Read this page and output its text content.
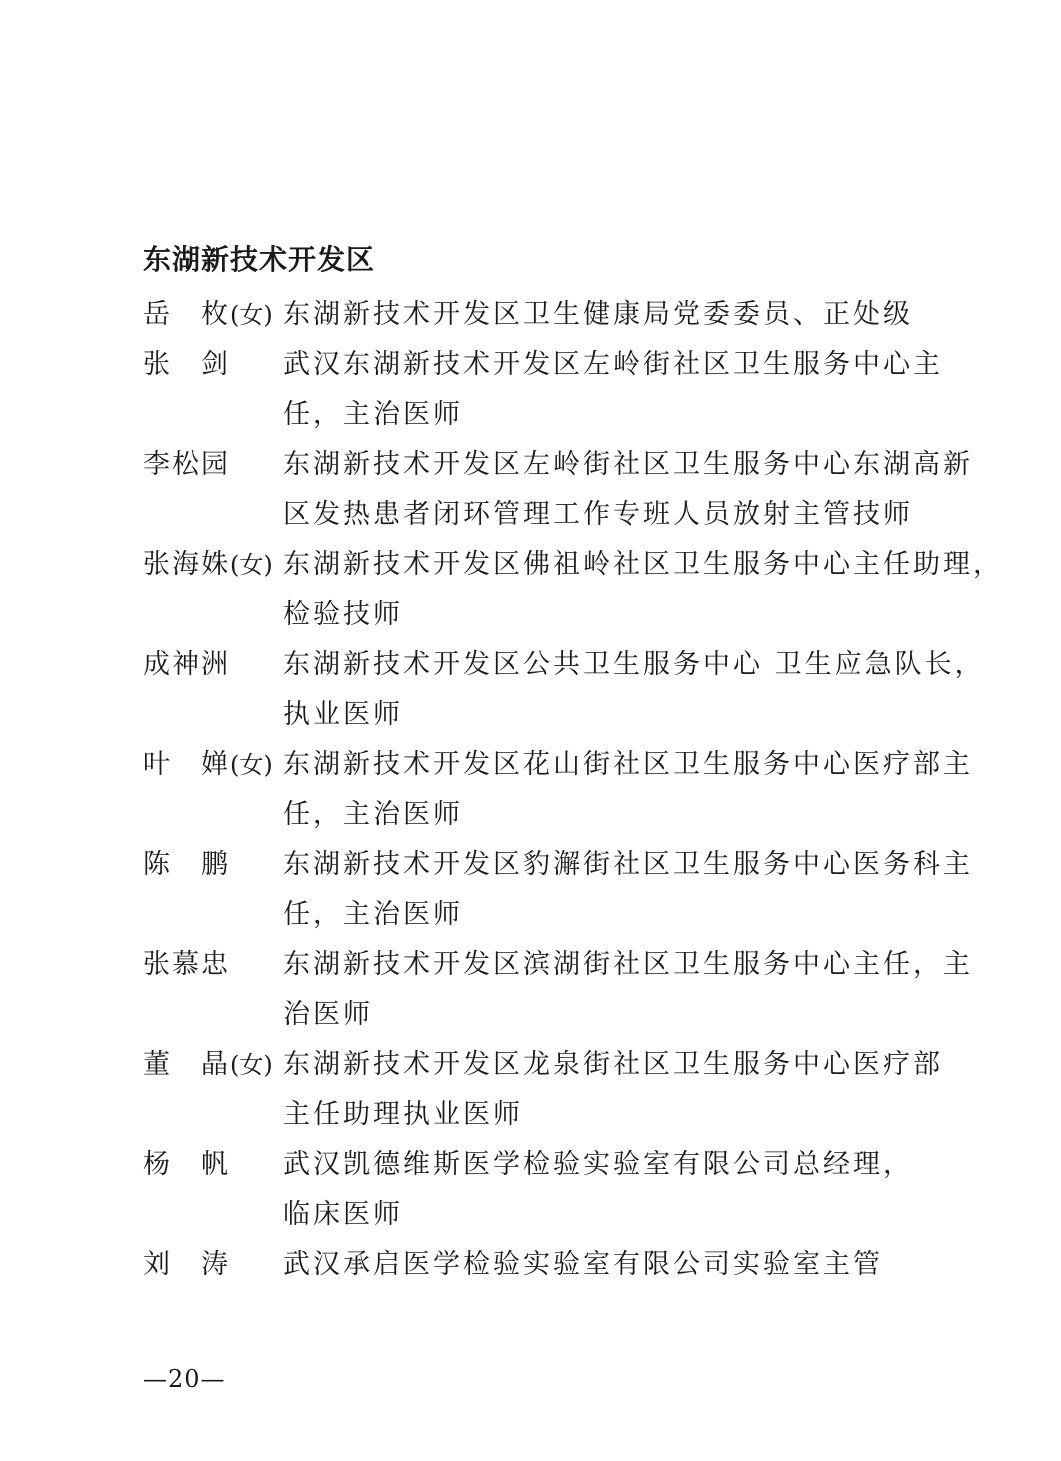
东湖新技术开发区
岳　枚(女) 东湖新技术开发区卫生健康局党委委员、正处级
张　剑	武汉东湖新技术开发区左岭街社区卫生服务中心主
任，主治医师
李松园	东湖新技术开发区左岭街社区卫生服务中心东湖高新
区发热患者闭环管理工作专班人员放射主管技师
张海姝(女) 东湖新技术开发区佛祖岭社区卫生服务中心主任助理，
检验技师
成神洲	东湖新技术开发区公共卫生服务中心 卫生应急队长，
执业医师
叶　婵(女) 东湖新技术开发区花山街社区卫生服务中心医疗部主
任，主治医师
陈　鹏	东湖新技术开发区豹澥街社区卫生服务中心医务科主
任，主治医师
张慕忠	东湖新技术开发区滨湖街社区卫生服务中心主任，主
治医师
董　晶(女) 东湖新技术开发区龙泉街社区卫生服务中心医疗部
主任助理执业医师
杨　帆	武汉凯德维斯医学检验实验室有限公司总经理，
临床医师
刘　涛	武汉承启医学检验实验室有限公司实验室主管
—20—
